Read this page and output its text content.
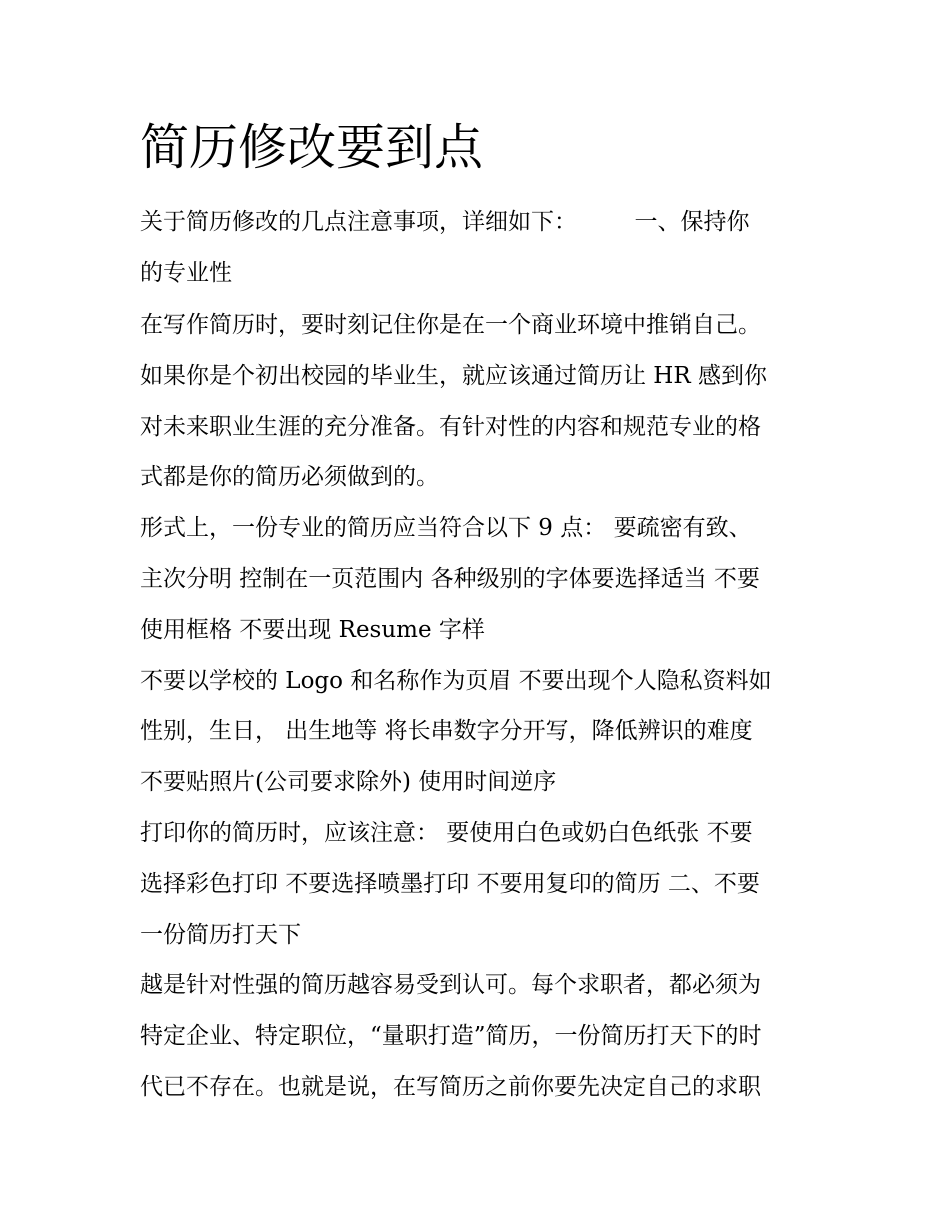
简历修改要到点

关于简历修改的几点注意事项，详细如下：　　　一、保持你

的专业性

在写作简历时，要时刻记住你是在一个商业环境中推销自己。

如果你是个初出校园的毕业生，就应该通过简历让 HR 感到你

对未来职业生涯的充分准备。有针对性的内容和规范专业的格

式都是你的简历必须做到的。

形式上，一份专业的简历应当符合以下 9 点： 要疏密有致、

主次分明 控制在一页范围内 各种级别的字体要选择适当 不要

使用框格 不要出现 Resume 字样

不要以学校的 Logo 和名称作为页眉 不要出现个人隐私资料如

性别，生日， 出生地等 将长串数字分开写，降低辨识的难度

不要贴照片(公司要求除外) 使用时间逆序

打印你的简历时，应该注意： 要使用白色或奶白色纸张 不要

选择彩色打印 不要选择喷墨打印 不要用复印的简历 二、不要

一份简历打天下

越是针对性强的简历越容易受到认可。每个求职者，都必须为

特定企业、特定职位，“量职打造”简历，一份简历打天下的时

代已不存在。也就是说，在写简历之前你要先决定自己的求职
